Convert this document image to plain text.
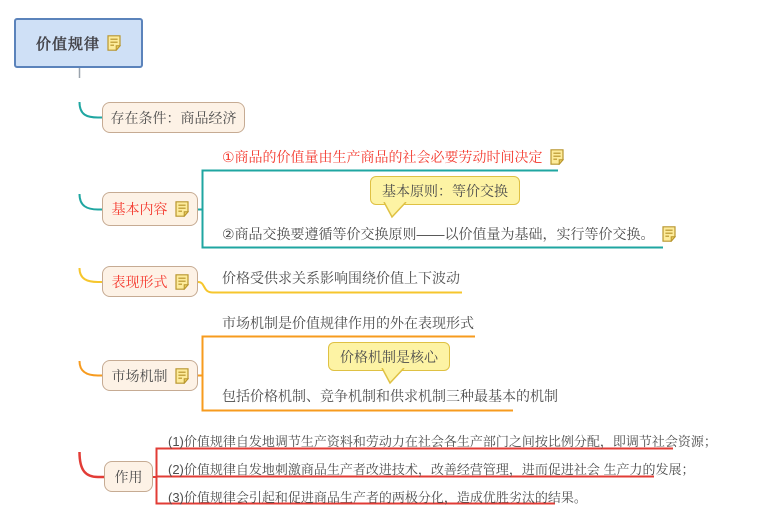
价值规律
存在条件：商品经济
基本内容
表现形式
市场机制
作用
①商品的价值量由生产商品的社会必要劳动时间决定
基本原则：等价交换
②商品交换要遵循等价交换原则——以价值量为基础，实行等价交换。
价格受供求关系影响围绕价值上下波动
市场机制是价值规律作用的外在表现形式
价格机制是核心
包括价格机制、竞争机制和供求机制三种最基本的机制
(1)价值规律自发地调节生产资料和劳动力在社会各生产部门之间按比例分配，即调节社会资源；
(2)价值规律自发地刺激商品生产者改进技术，改善经营管理，进而促进社会 生产力的发展；
(3)价值规律会引起和促进商品生产者的两极分化，造成优胜劣汰的结果。
